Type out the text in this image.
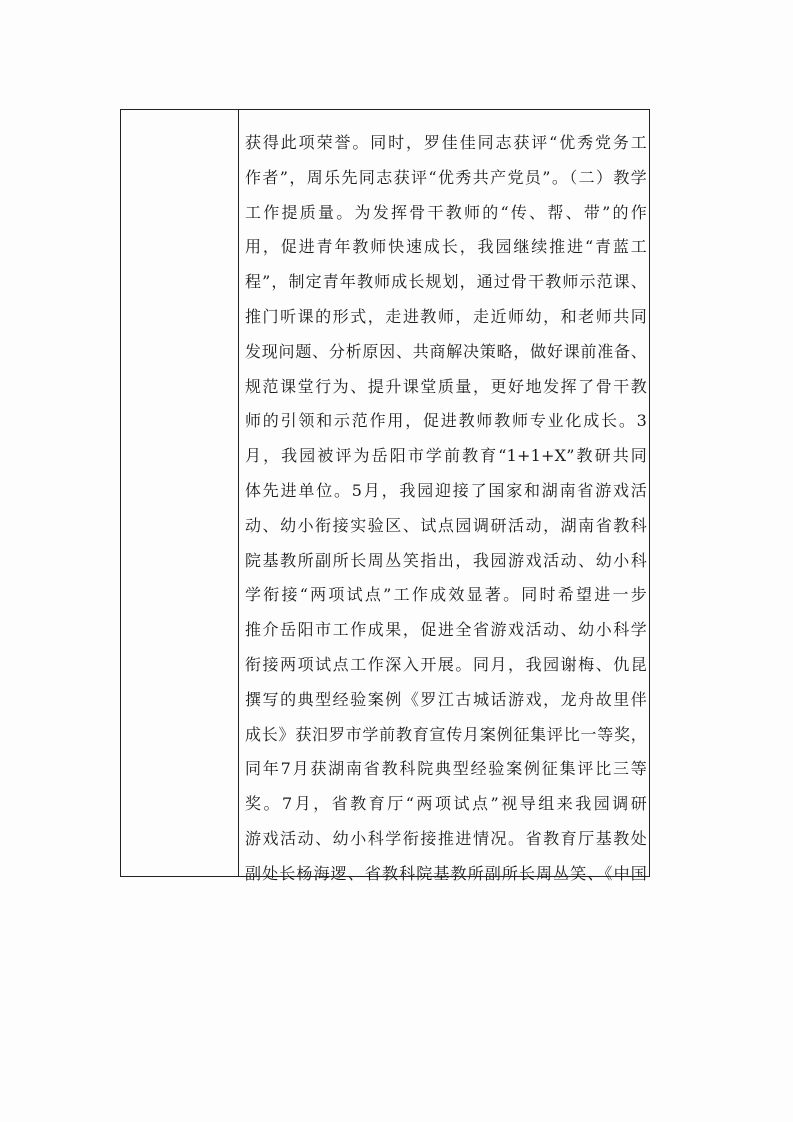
获得此项荣誉。同时，罗佳佳同志获评“优秀党务工
作者”，周乐先同志获评“优秀共产党员”。（二）教学
工作提质量。为发挥骨干教师的“传、帮、带”的作
用，促进青年教师快速成长，我园继续推进“青蓝工
程”，制定青年教师成长规划，通过骨干教师示范课、
推门听课的形式，走进教师，走近师幼，和老师共同
发现问题、分析原因、共商解决策略，做好课前准备、
规范课堂行为、提升课堂质量，更好地发挥了骨干教
师的引领和示范作用，促进教师教师专业化成长。3
月，我园被评为岳阳市学前教育“1+1+X”教研共同
体先进单位。5月，我园迎接了国家和湖南省游戏活
动、幼小衔接实验区、试点园调研活动，湖南省教科
院基教所副所长周丛笑指出，我园游戏活动、幼小科
学衔接“两项试点”工作成效显著。同时希望进一步
推介岳阳市工作成果，促进全省游戏活动、幼小科学
衔接两项试点工作深入开展。同月，我园谢梅、仇昆
撰写的典型经验案例《罗江古城话游戏，龙舟故里伴
成长》获汨罗市学前教育宣传月案例征集评比一等奖，
同年7月获湖南省教科院典型经验案例征集评比三等
奖。7月，省教育厅“两项试点”视导组来我园调研
游戏活动、幼小科学衔接推进情况。省教育厅基教处
副处长杨海逻、省教科院基教所副所长周丛笑、《中国
